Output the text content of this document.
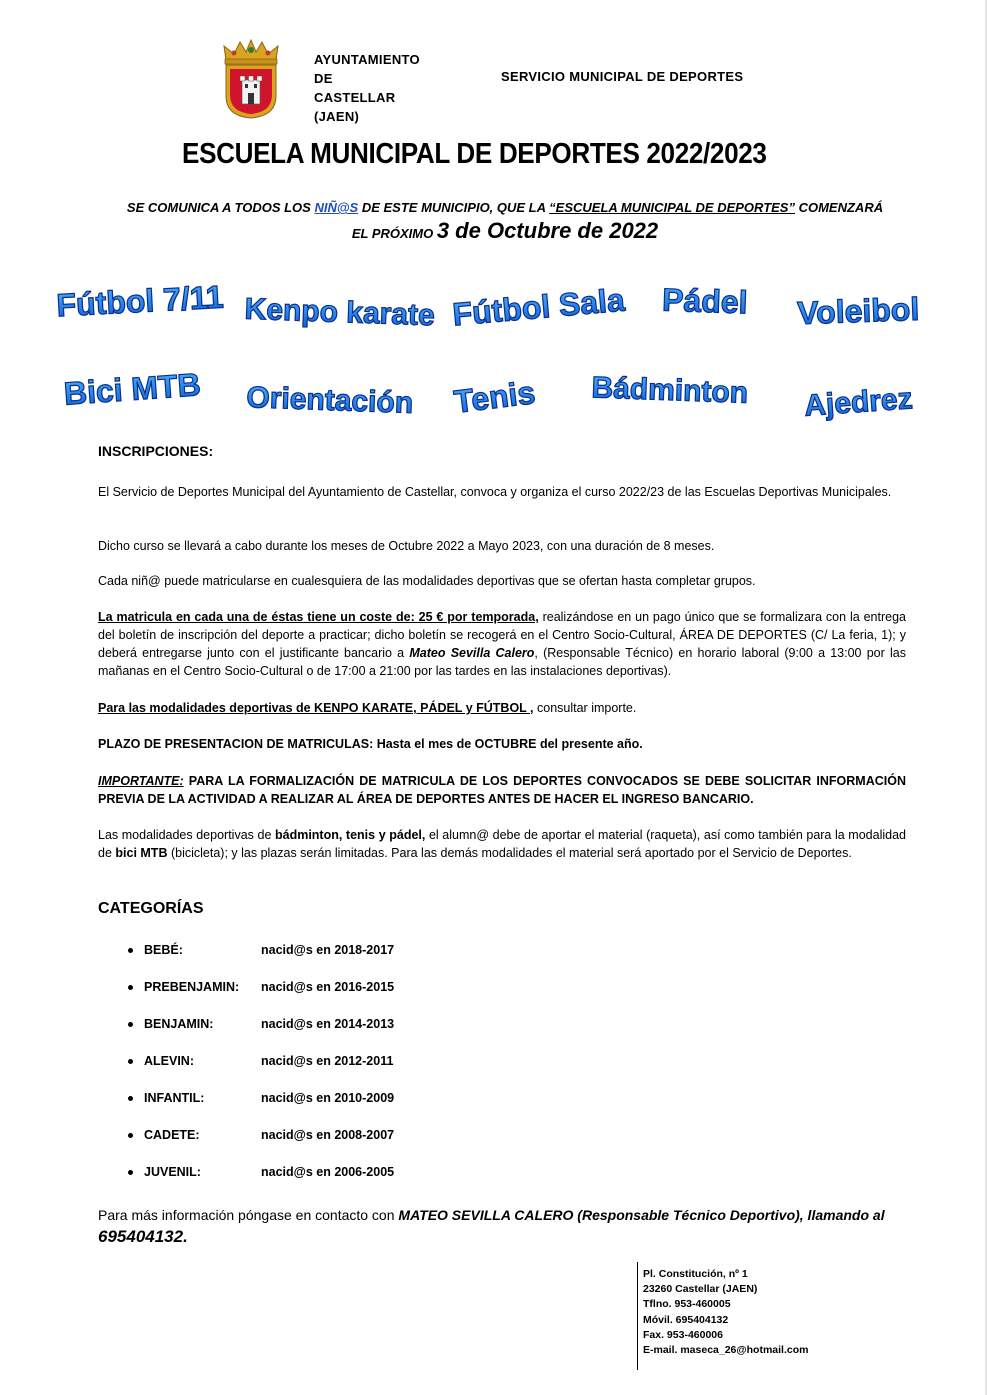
AYUNTAMIENTO
DE
CASTELLAR
(JAEN)
SERVICIO MUNICIPAL DE DEPORTES
ESCUELA MUNICIPAL DE DEPORTES 2022/2023
SE COMUNICA A TODOS LOS NIÑ@S DE ESTE MUNICIPIO, QUE LA “ESCUELA MUNICIPAL DE DEPORTES” COMENZARÁ
EL PRÓXIMO 3 de Octubre de 2022
Fútbol 7/11 Kenpo karate Fútbol Sala Pádel Voleibol
Bici MTB Orientación Tenis Bádminton Ajedrez
INSCRIPCIONES:
El Servicio de Deportes Municipal del Ayuntamiento de Castellar, convoca y organiza el curso 2022/23 de las Escuelas Deportivas Municipales.
Dicho curso se llevará a cabo durante los meses de Octubre 2022 a Mayo 2023, con una duración de 8 meses.
Cada niñ@ puede matricularse en cualesquiera de las modalidades deportivas que se ofertan hasta completar grupos.
La matricula en cada una de éstas tiene un coste de: 25 € por temporada, realizándose en un pago único que se formalizara con la entrega del boletín de inscripción del deporte a practicar; dicho boletín se recogerá en el Centro Socio-Cultural, ÁREA DE DEPORTES (C/ La feria, 1); y deberá entregarse junto con el justificante bancario a Mateo Sevilla Calero, (Responsable Técnico) en horario laboral (9:00 a 13:00 por las mañanas en el Centro Socio-Cultural o de 17:00 a 21:00 por las tardes en las instalaciones deportivas).
Para las modalidades deportivas de KENPO KARATE, PÁDEL y FÚTBOL , consultar importe.
PLAZO DE PRESENTACION DE MATRICULAS: Hasta el mes de OCTUBRE del presente año.
IMPORTANTE: PARA LA FORMALIZACIÓN DE MATRICULA DE LOS DEPORTES CONVOCADOS SE DEBE SOLICITAR INFORMACIÓN PREVIA DE LA ACTIVIDAD A REALIZAR AL ÁREA DE DEPORTES ANTES DE HACER EL INGRESO BANCARIO.
Las modalidades deportivas de bádminton, tenis y pádel, el alumn@ debe de aportar el material (raqueta), así como también para la modalidad de bici MTB (bicicleta); y las plazas serán limitadas. Para las demás modalidades el material será aportado por el Servicio de Deportes.
CATEGORÍAS
BEBÉ:	nacid@s en 2018-2017
PREBENJAMIN: nacid@s en 2016-2015
BENJAMIN:	nacid@s en 2014-2013
ALEVIN:	nacid@s en 2012-2011
INFANTIL:	nacid@s en 2010-2009
CADETE:	nacid@s en 2008-2007
JUVENIL:	nacid@s en 2006-2005
Para más información póngase en contacto con MATEO SEVILLA CALERO (Responsable Técnico Deportivo), llamando al
695404132.
Pl. Constitución, nº 1
23260 Castellar (JAEN)
Tflno. 953-460005
Móvil. 695404132
Fax. 953-460006
E-mail. maseca_26@hotmail.com
